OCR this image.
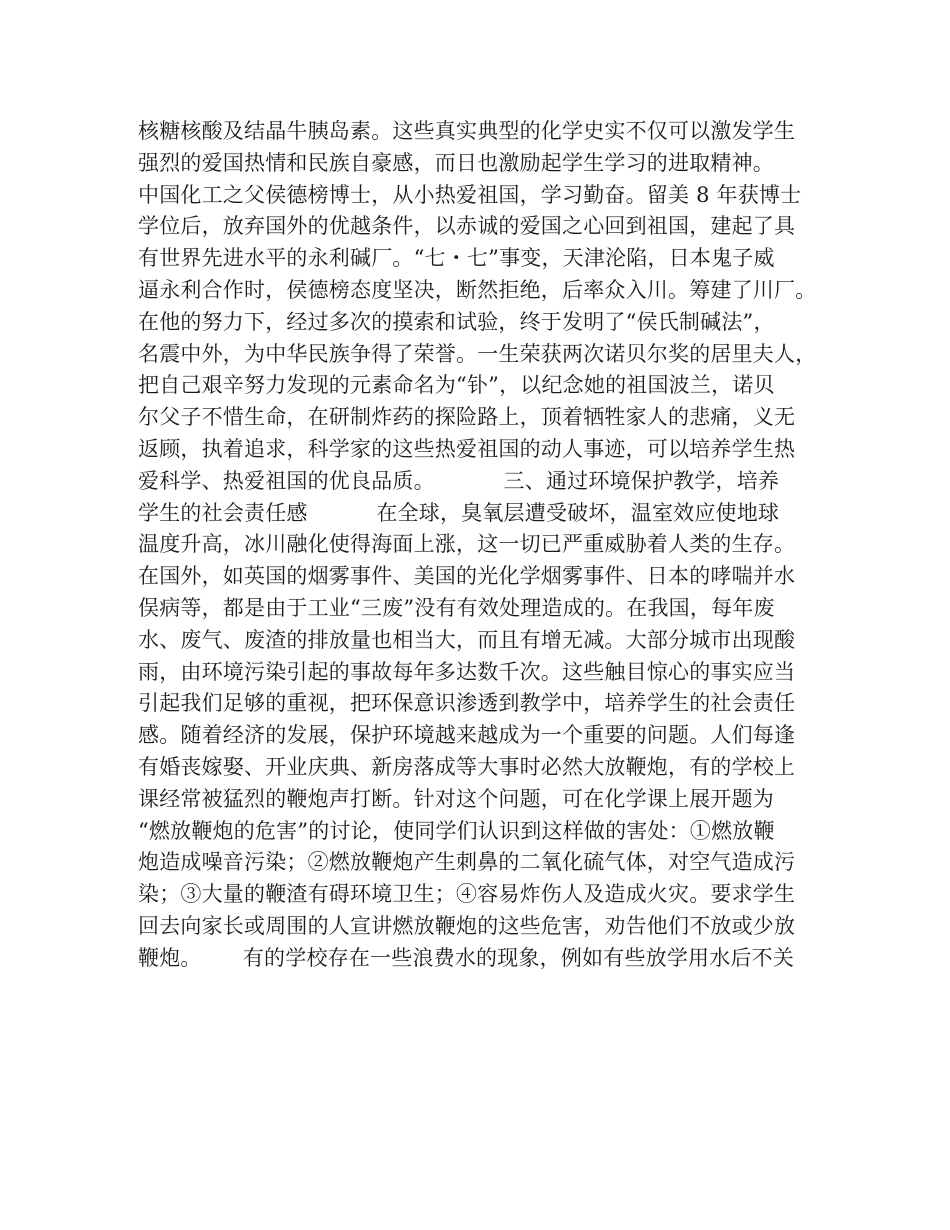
核糖核酸及结晶牛胰岛素。这些真实典型的化学史实不仅可以激发学生
强烈的爱国热情和民族自豪感，而日也激励起学生学习的进取精神。
中国化工之父侯德榜博士，从小热爱祖国，学习勤奋。留美 8 年获博士
学位后，放弃国外的优越条件，以赤诚的爱国之心回到祖国，建起了具
有世界先进水平的永利碱厂。“七・七”事变，天津沦陷，日本鬼子威
逼永利合作时，侯德榜态度坚决，断然拒绝，后率众入川。筹建了川厂。
在他的努力下，经过多次的摸索和试验，终于发明了“侯氏制碱法”，
名震中外，为中华民族争得了荣誉。一生荣获两次诺贝尔奖的居里夫人，
把自己艰辛努力发现的元素命名为“钋”，以纪念她的祖国波兰，诺贝
尔父子不惜生命，在研制炸药的探险路上，顶着牺牲家人的悲痛，义无
返顾，执着追求，科学家的这些热爱祖国的动人事迹，可以培养学生热
爱科学、热爱祖国的优良品质。          三、通过环境保护教学，培养
学生的社会责任感          在全球，臭氧层遭受破坏，温室效应使地球
温度升高，冰川融化使得海面上涨，这一切已严重威胁着人类的生存。
在国外，如英国的烟雾事件、美国的光化学烟雾事件、日本的哮喘并水
俣病等，都是由于工业“三废”没有有效处理造成的。在我国，每年废
水、废气、废渣的排放量也相当大，而且有增无减。大部分城市出现酸
雨，由环境污染引起的事故每年多达数千次。这些触目惊心的事实应当
引起我们足够的重视，把环保意识渗透到教学中，培养学生的社会责任
感。随着经济的发展，保护环境越来越成为一个重要的问题。人们每逢
有婚丧嫁娶、开业庆典、新房落成等大事时必然大放鞭炮，有的学校上
课经常被猛烈的鞭炮声打断。针对这个问题，可在化学课上展开题为
“燃放鞭炮的危害”的讨论，使同学们认识到这样做的害处：①燃放鞭
炮造成噪音污染；②燃放鞭炮产生刺鼻的二氧化硫气体，对空气造成污
染；③大量的鞭渣有碍环境卫生；④容易炸伤人及造成火灾。要求学生
回去向家长或周围的人宣讲燃放鞭炮的这些危害，劝告他们不放或少放
鞭炮。      有的学校存在一些浪费水的现象，例如有些放学用水后不关
